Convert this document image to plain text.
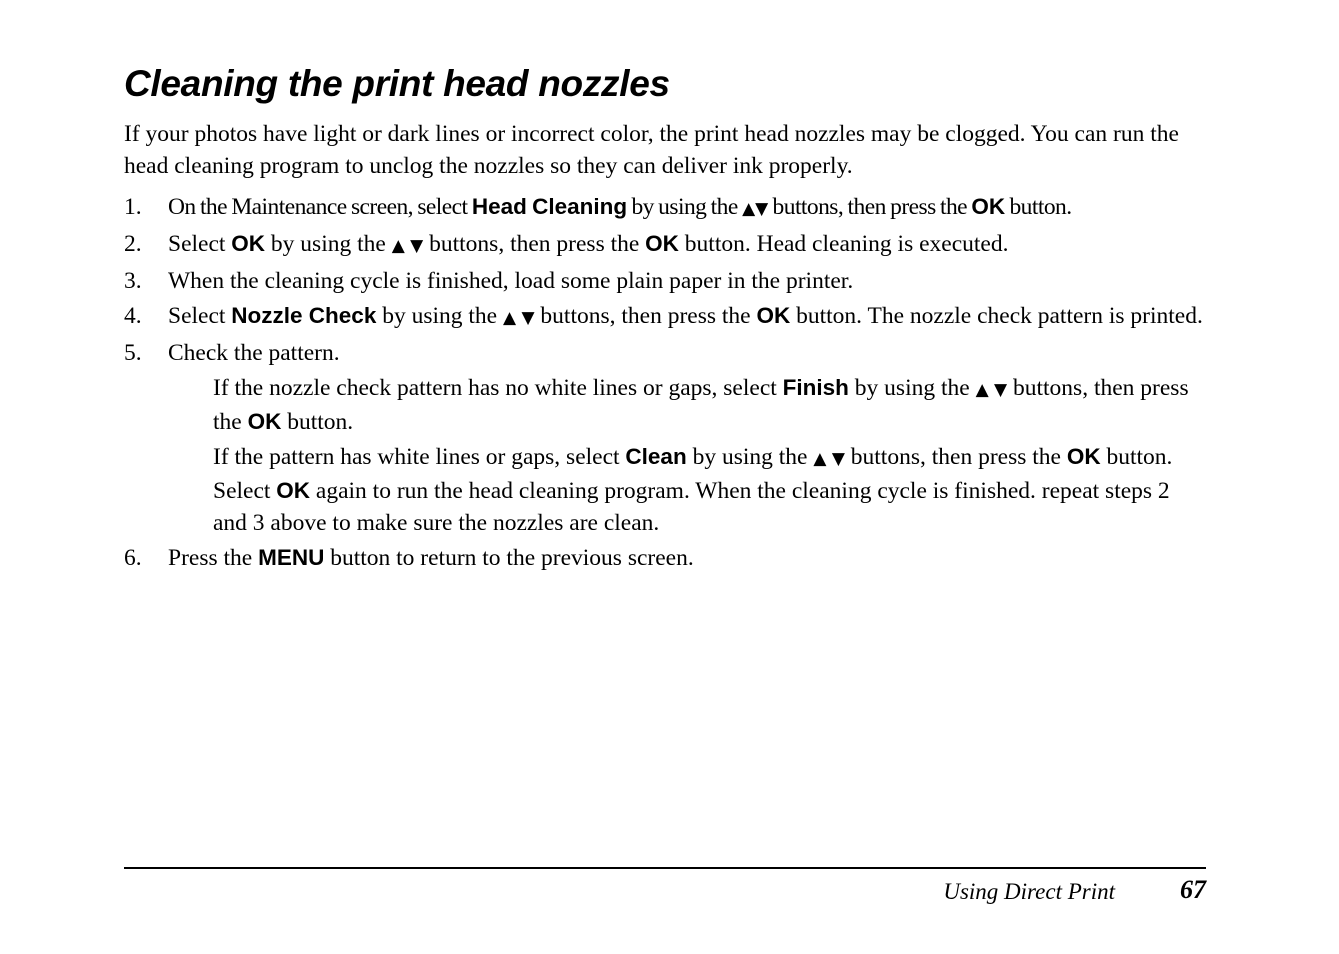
Cleaning the print head nozzles

If your photos have light or dark lines or incorrect color, the print head nozzles may be clogged. You can run the head cleaning program to unclog the nozzles so they can deliver ink properly.

1. On the Maintenance screen, select Head Cleaning by using the ▲▼ buttons, then press the OK button.
2. Select OK by using the ▲ ▼ buttons, then press the OK button. Head cleaning is executed.
3. When the cleaning cycle is finished, load some plain paper in the printer.
4. Select Nozzle Check by using the ▲ ▼ buttons, then press the OK button. The nozzle check pattern is printed.
5. Check the pattern.
If the nozzle check pattern has no white lines or gaps, select Finish by using the ▲ ▼ buttons, then press the OK button.
If the pattern has white lines or gaps, select Clean by using the ▲ ▼ buttons, then press the OK button. Select OK again to run the head cleaning program. When the cleaning cycle is finished. repeat steps 2 and 3 above to make sure the nozzles are clean.
6. Press the MENU button to return to the previous screen.
Using Direct Print	67
